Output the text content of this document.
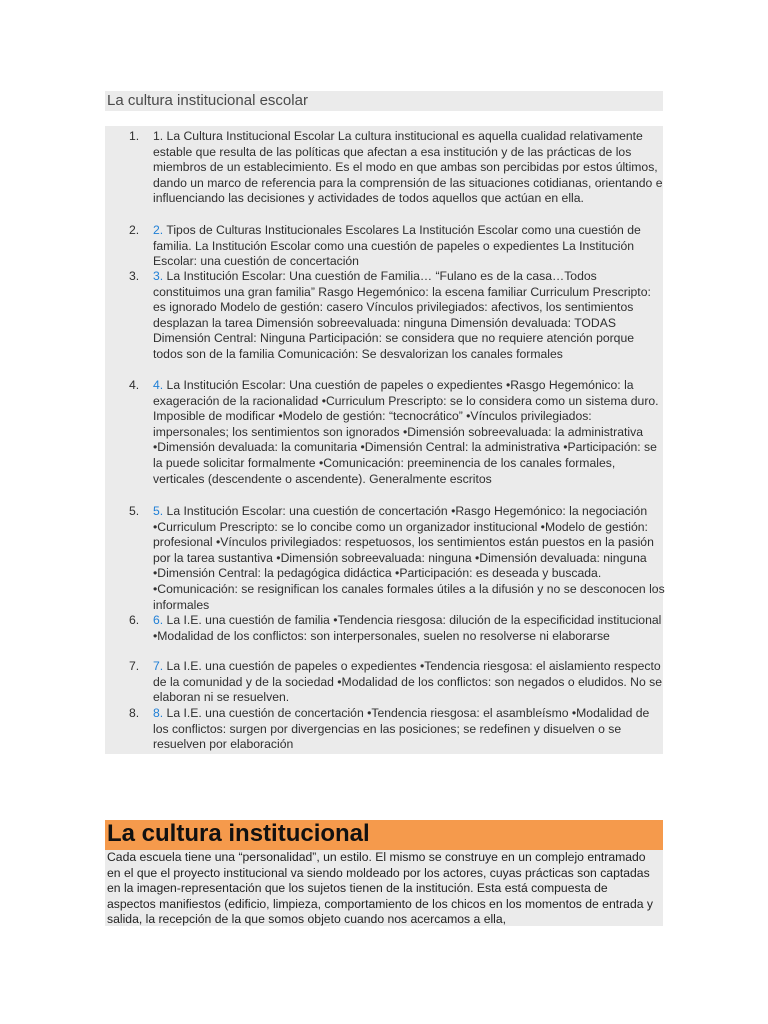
La cultura institucional escolar
1. 1. La Cultura Institucional Escolar La cultura institucional es aquella cualidad relativamente estable que resulta de las políticas que afectan a esa institución y de las prácticas de los miembros de un establecimiento. Es el modo en que ambas son percibidas por estos últimos, dando un marco de referencia para la comprensión de las situaciones cotidianas, orientando e influenciando las decisiones y actividades de todos aquellos que actúan en ella.
2. 2. Tipos de Culturas Institucionales Escolares La Institución Escolar como una cuestión de familia. La Institución Escolar como una cuestión de papeles o expedientes La Institución Escolar: una cuestión de concertación
3. 3. La Institución Escolar: Una cuestión de Familia… “Fulano es de la casa…Todos constituimos una gran familia” Rasgo Hegemónico: la escena familiar Curriculum Prescripto: es ignorado Modelo de gestión: casero Vínculos privilegiados: afectivos, los sentimientos desplazan la tarea Dimensión sobreevaluada: ninguna Dimensión devaluada: TODAS Dimensión Central: Ninguna Participación: se considera que no requiere atención porque todos son de la familia Comunicación: Se desvalorizan los canales formales
4. 4. La Institución Escolar: Una cuestión de papeles o expedientes •Rasgo Hegemónico: la exageración de la racionalidad •Curriculum Prescripto: se lo considera como un sistema duro. Imposible de modificar •Modelo de gestión: “tecnocrático” •Vínculos privilegiados: impersonales; los sentimientos son ignorados •Dimensión sobreevaluada: la administrativa •Dimensión devaluada: la comunitaria •Dimensión Central: la administrativa •Participación: se la puede solicitar formalmente •Comunicación: preeminencia de los canales formales, verticales (descendente o ascendente). Generalmente escritos
5. 5. La Institución Escolar: una cuestión de concertación •Rasgo Hegemónico: la negociación •Curriculum Prescripto: se lo concibe como un organizador institucional •Modelo de gestión: profesional •Vínculos privilegiados: respetuosos, los sentimientos están puestos en la pasión por la tarea sustantiva •Dimensión sobreevaluada: ninguna •Dimensión devaluada: ninguna •Dimensión Central: la pedagógica didáctica •Participación: es deseada y buscada. •Comunicación: se resignifican los canales formales útiles a la difusión y no se desconocen los informales
6. 6. La I.E. una cuestión de familia •Tendencia riesgosa: dilución de la especificidad institucional •Modalidad de los conflictos: son interpersonales, suelen no resolverse ni elaborarse
7. 7. La I.E. una cuestión de papeles o expedientes •Tendencia riesgosa: el aislamiento respecto de la comunidad y de la sociedad •Modalidad de los conflictos: son negados o eludidos. No se elaboran ni se resuelven.
8. 8. La I.E. una cuestión de concertación •Tendencia riesgosa: el asambleísmo •Modalidad de los conflictos: surgen por divergencias en las posiciones; se redefinen y disuelven o se resuelven por elaboración
La cultura institucional

Cada escuela tiene una “personalidad”, un estilo. El mismo se construye en un complejo entramado en el que el proyecto institucional va siendo moldeado por los actores, cuyas prácticas son captadas en la imagen-representación que los sujetos tienen de la institución. Esta está compuesta de aspectos manifiestos (edificio, limpieza, comportamiento de los chicos en los momentos de entrada y salida, la recepción de la que somos objeto cuando nos acercamos a ella,
